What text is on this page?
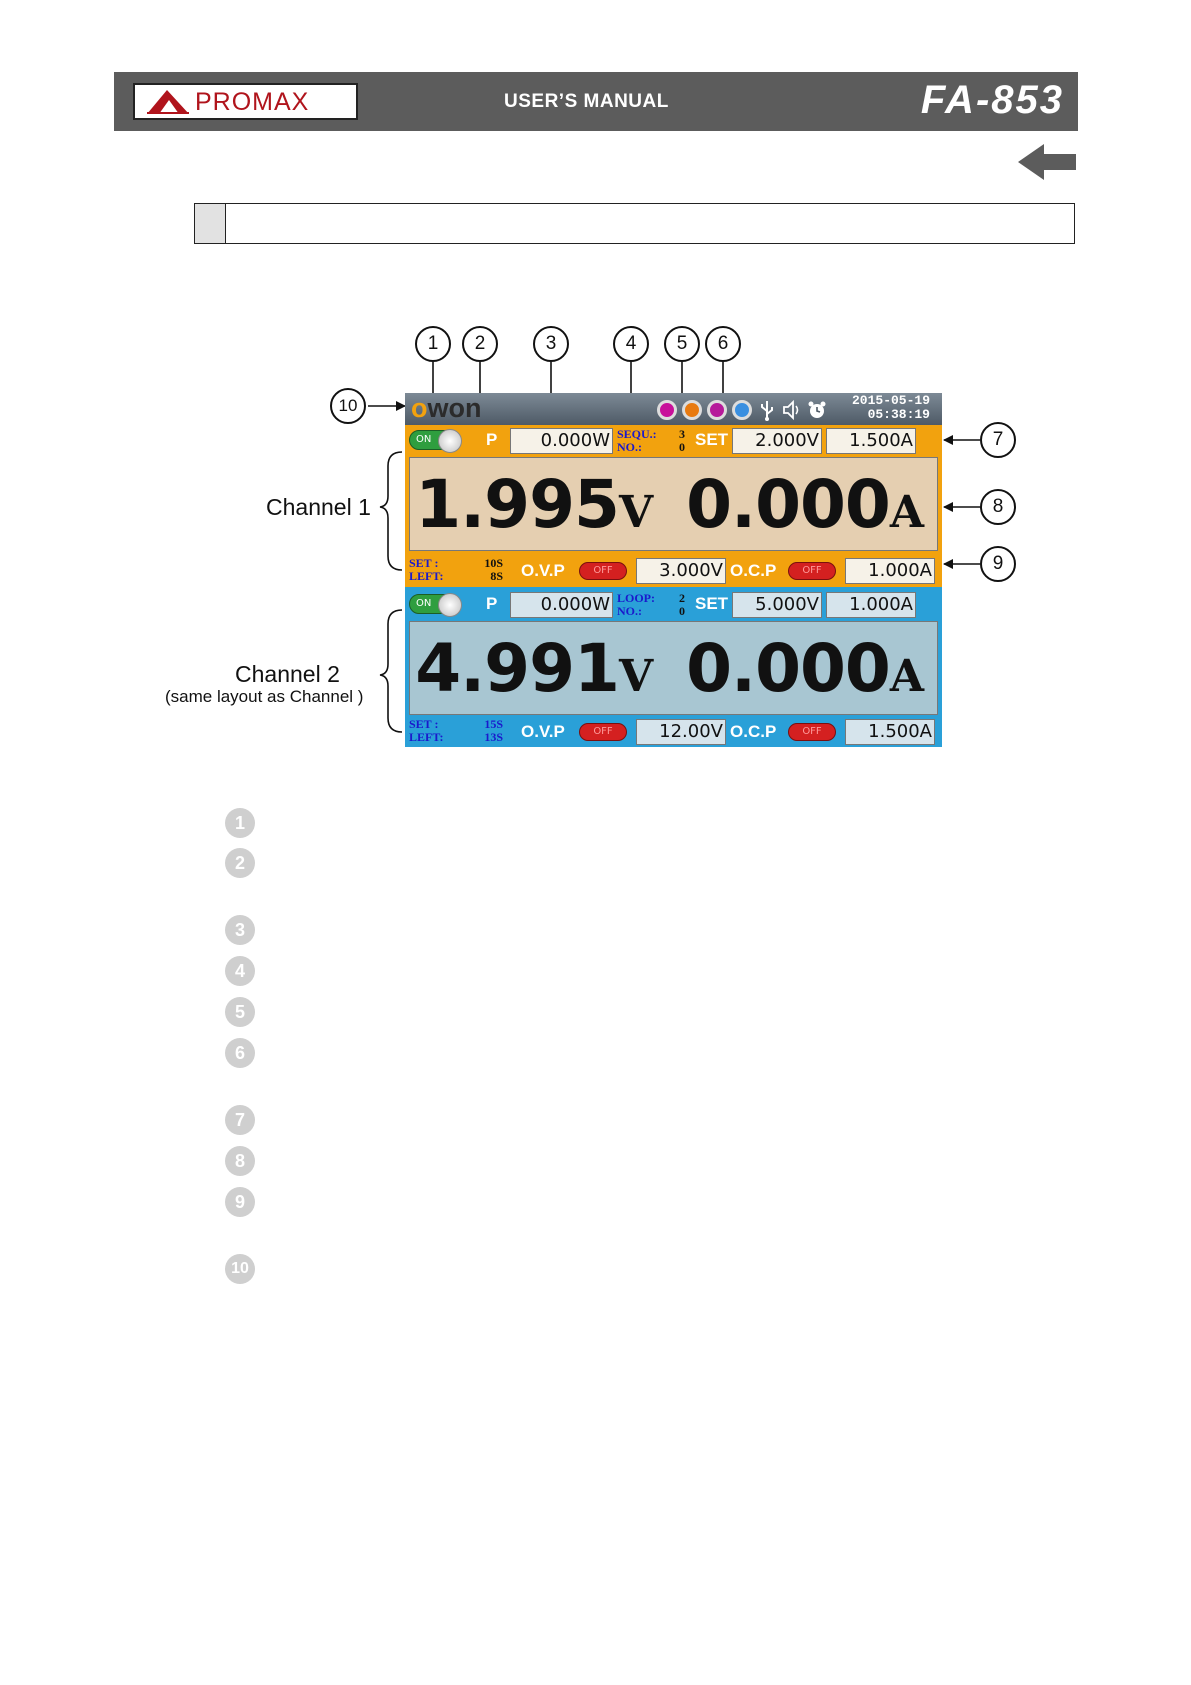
PROMAX	USER’S MANUAL	FA-853
1	2	3	4	5	6
7
8
9
10
Channel 1
Channel 2
(same layout as Channel )
owon	2015-05-19
05:38:19
ON	P	0.000W SEQU.:
NO.:
3
0 SET	2.000V	1.500A
1.995V 0.000A
SET :
LEFT:
10S
8S O.V.P	OFF	3.000V O.C.P	OFF	1.000A
ON	P	0.000W LOOP:
NO.:
2
0 SET	5.000V	1.000A
4.991V 0.000A
SET :
LEFT:
15S
13S O.V.P	OFF	12.00V O.C.P	OFF	1.500A
1
2
3
4
5
6
7
8
9
10
